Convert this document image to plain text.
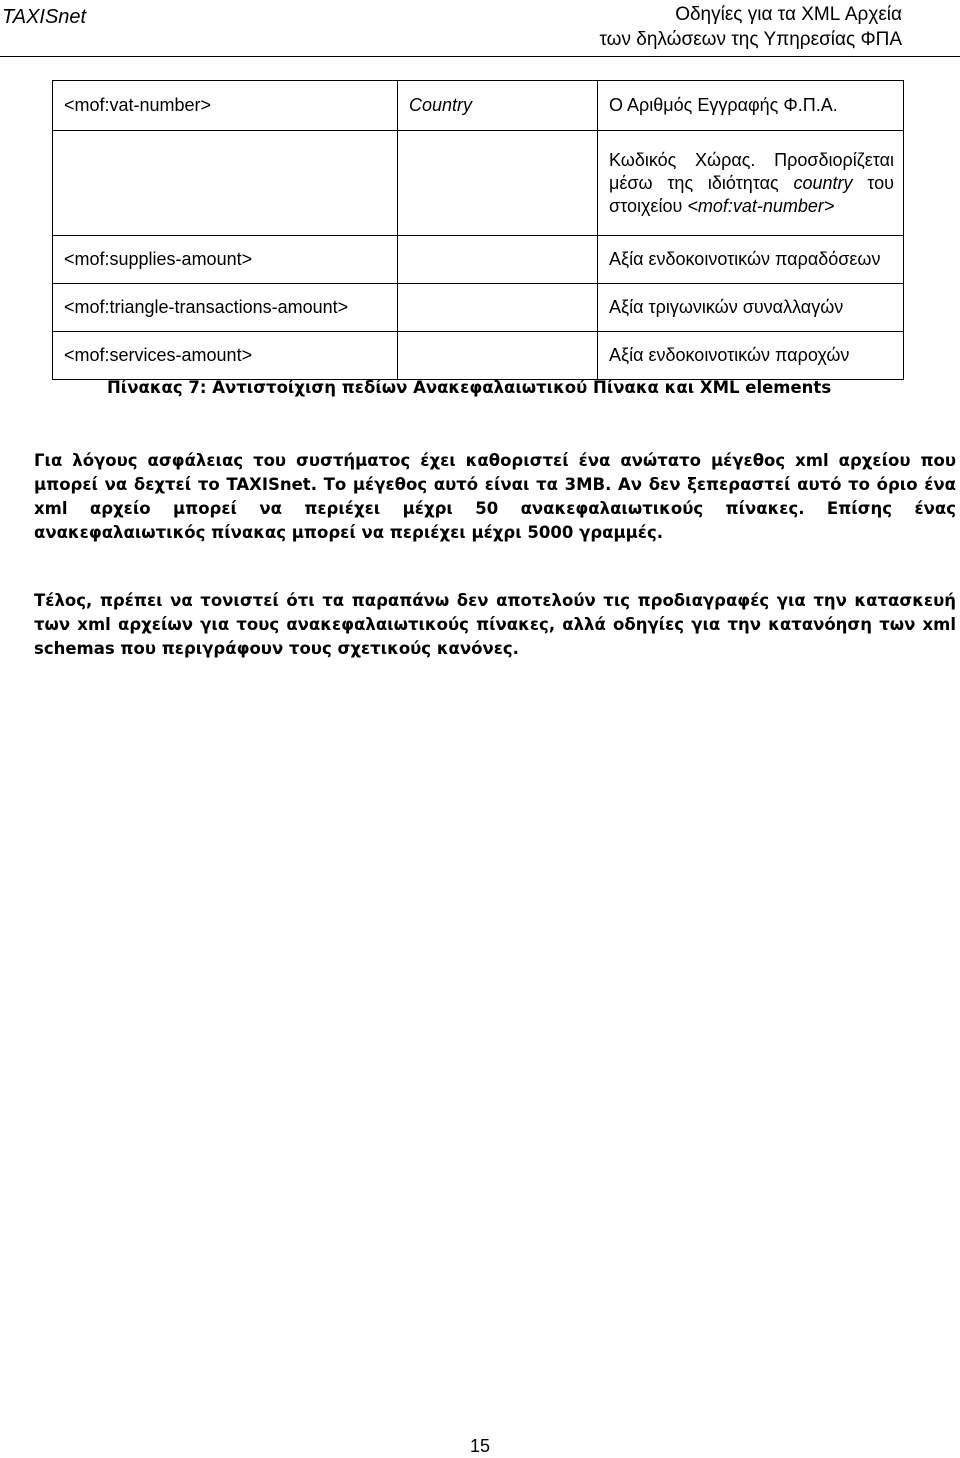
TAXISnet	Οδηγίες για τα XML Αρχεία
των δηλώσεων της Υπηρεσίας ΦΠΑ
<mof:vat-number>	Country	Ο Αριθμός Εγγραφής Φ.Π.Α.
		Κωδικός Χώρας. Προσδιορίζεται μέσω της ιδιότητας country του στοιχείου <mof:vat-number>
<mof:supplies-amount>		Αξία ενδοκοινοτικών παραδόσεων
<mof:triangle-transactions-amount>		Αξία τριγωνικών συναλλαγών
<mof:services-amount>		Αξία ενδοκοινοτικών παροχών
Πίνακας 7: Αντιστοίχιση πεδίων Ανακεφαλαιωτικού Πίνακα και XML elements

Για λόγους ασφάλειας του συστήματος έχει καθοριστεί ένα ανώτατο μέγεθος xml αρχείου που μπορεί να δεχτεί το TAXISnet. Το μέγεθος αυτό είναι τα 3MB. Αν δεν ξεπεραστεί αυτό το όριο ένα xml αρχείο μπορεί να περιέχει μέχρι 50 ανακεφαλαιωτικούς πίνακες. Επίσης ένας ανακεφαλαιωτικός πίνακας μπορεί να περιέχει μέχρι 5000 γραμμές.

Τέλος, πρέπει να τονιστεί ότι τα παραπάνω δεν αποτελούν τις προδιαγραφές για την κατασκευή των xml αρχείων για τους ανακεφαλαιωτικούς πίνακες, αλλά οδηγίες για την κατανόηση των xml schemas που περιγράφουν τους σχετικούς κανόνες.

15
